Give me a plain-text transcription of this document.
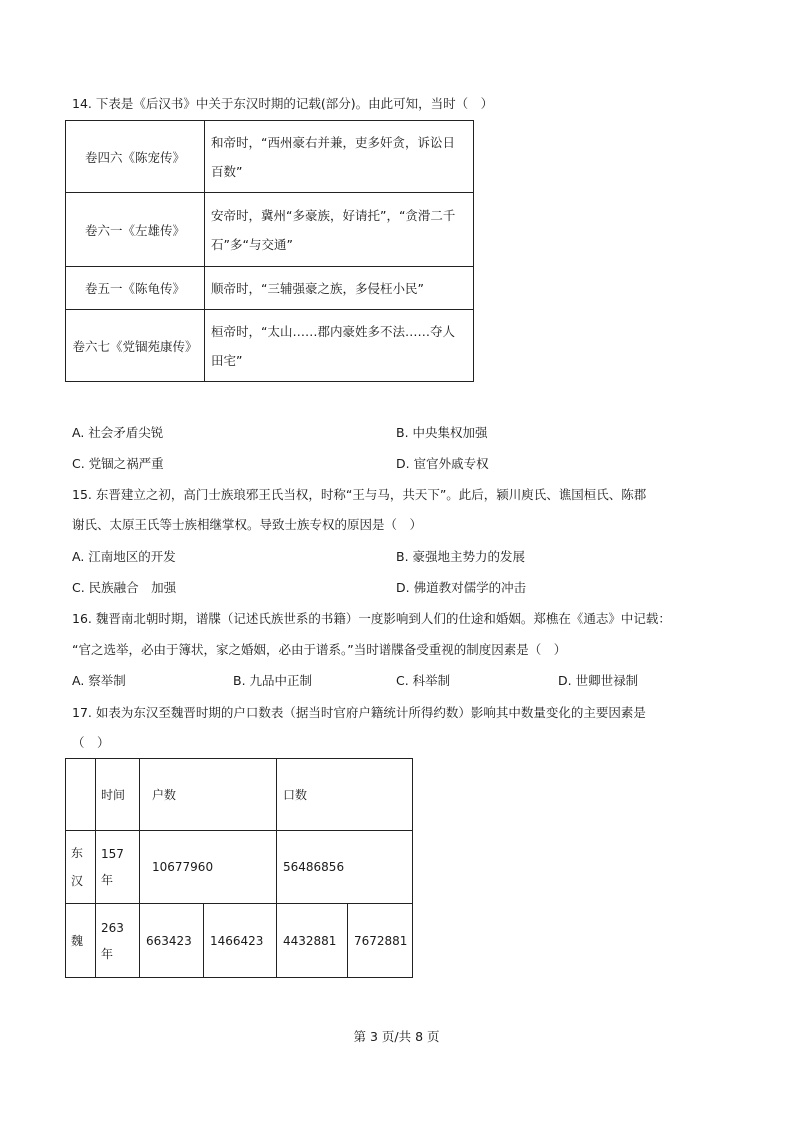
14. 下表是《后汉书》中关于东汉时期的记载(部分)。由此可知，当时（　）
卷四六《陈宠传》	和帝时，“西州豪右并兼，吏多奸贪，诉讼日百数”
卷六一《左雄传》	安帝时，冀州“多豪族，好请托”，“贪滑二千石”多“与交通”
卷五一《陈龟传》	顺帝时，“三辅强豪之族，多侵枉小民”
卷六七《党锢苑康传》	桓帝时，“太山……郡内豪姓多不法……夺人田宅”
A. 社会矛盾尖锐	B. 中央集权加强
C. 党锢之祸严重	D. 宦官外戚专权
15. 东晋建立之初，高门士族琅邪王氏当权，时称“王与马，共天下”。此后，颍川庾氏、谯国桓氏、陈郡
谢氏、太原王氏等士族相继掌权。导致士族专权的原因是（　）
A. 江南地区的开发	B. 豪强地主势力的发展
C. 民族融合　加强	D. 佛道教对儒学的冲击
16. 魏晋南北朝时期，谱牒（记述氏族世系的书籍）一度影响到人们的仕途和婚姻。郑樵在《通志》中记载：
“官之选举，必由于簿状，家之婚姻，必由于谱系。”当时谱牒备受重视的制度因素是（　）
A. 察举制	B. 九品中正制	C. 科举制	D. 世卿世禄制
17. 如表为东汉至魏晋时期的户口数表（据当时官府户籍统计所得约数）影响其中数量变化的主要因素是
（　）
	时间	户数		口数	
东汉	157年	10677960		56486856	
魏	263年	663423	1466423	4432881	7672881
第 3 页/共 8 页
